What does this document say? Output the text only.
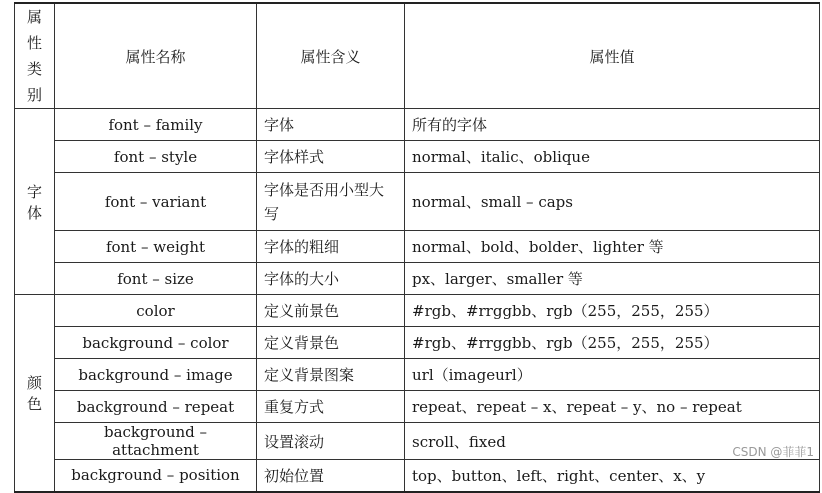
属性类别	属性名称	属性含义	属性值
字体	font – family	字体	所有的字体
	font – style	字体样式	normal、italic、oblique
	font – variant	字体是否用小型大写	normal、small – caps
	font – weight	字体的粗细	normal、bold、bolder、lighter 等
	font – size	字体的大小	px、larger、smaller 等
颜色	color	定义前景色	#rgb、#rrggbb、rgb（255，255，255）
	background – color	定义背景色	#rgb、#rrggbb、rgb（255，255，255）
	background – image	定义背景图案	url（imageurl）
	background – repeat	重复方式	repeat、repeat – x、repeat – y、no – repeat
	background – attachment	设置滚动	scroll、fixed
	background – position	初始位置	top、button、left、right、center、x、y
CSDN @菲菲1
